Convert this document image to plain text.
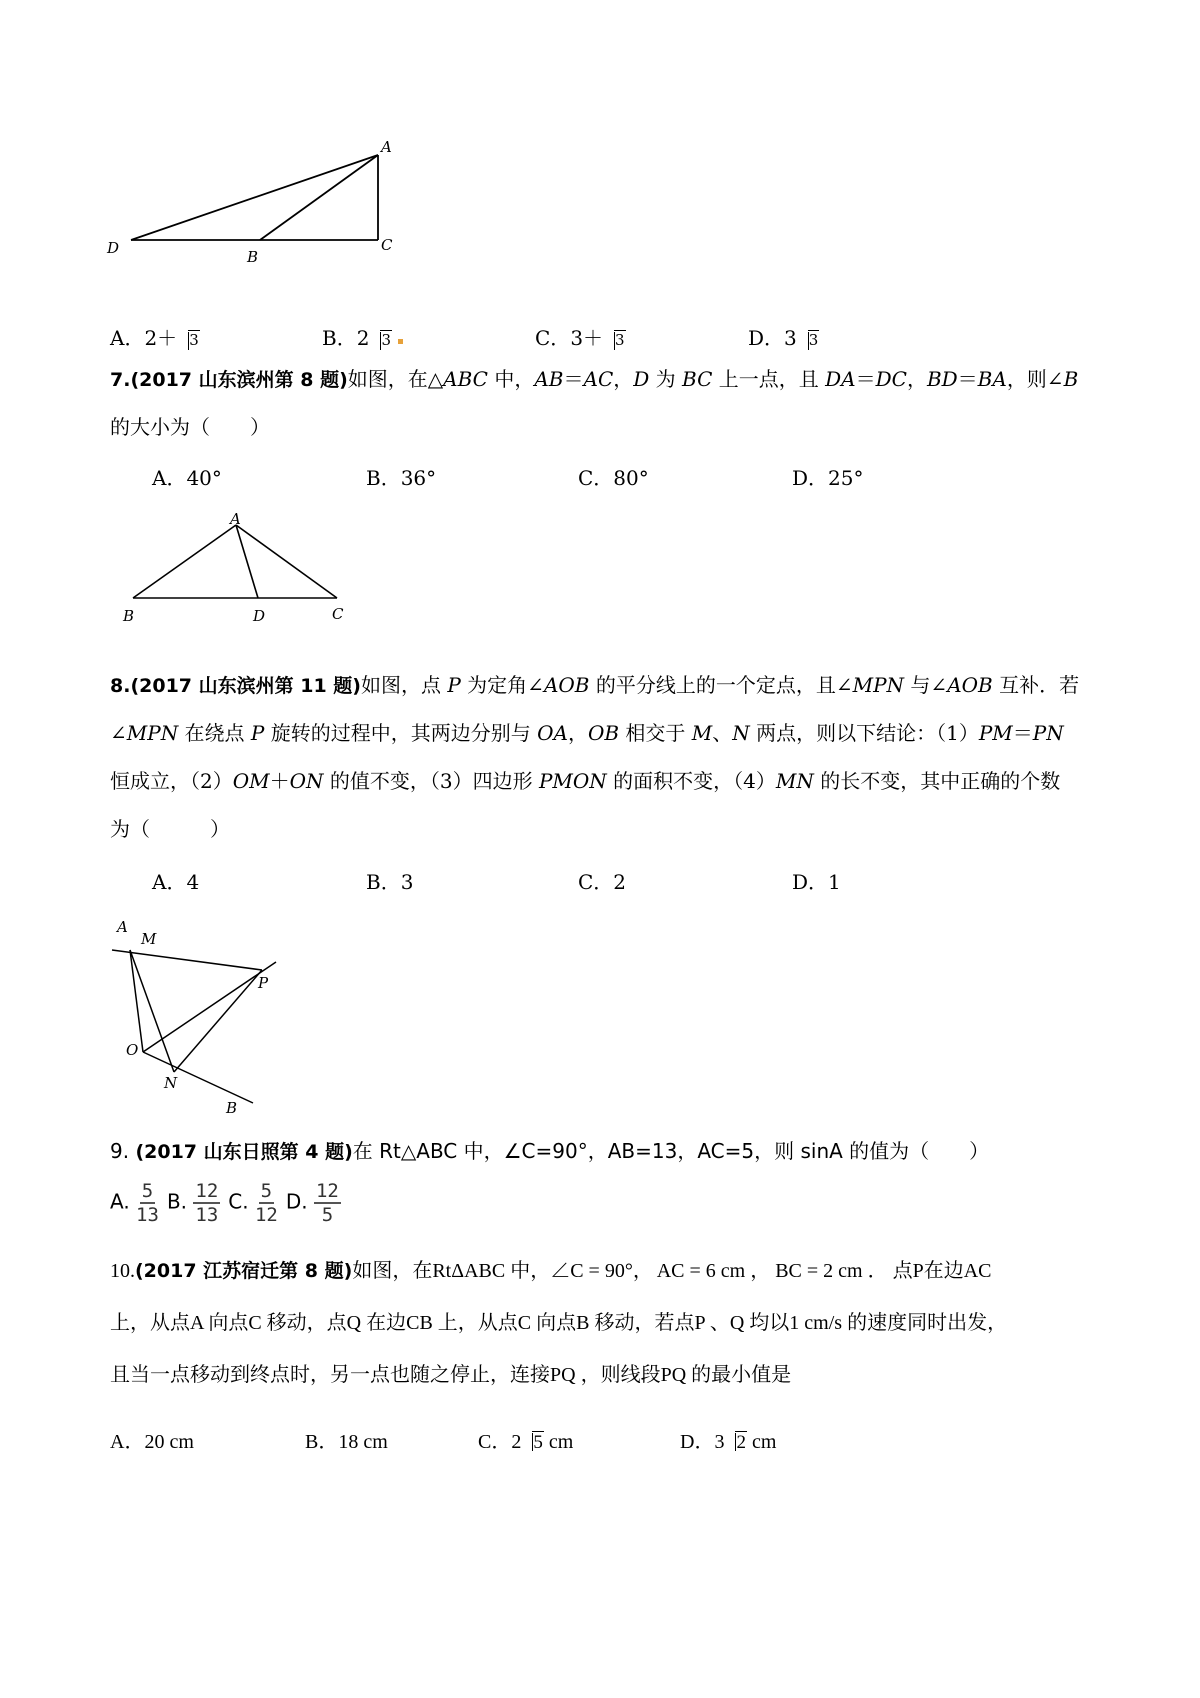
A
D	B
C
A．2＋ 3	B．2 3	C．3＋ 3	D．3 3
7.(2017 山东滨州第 8 题)如图，在△ABC 中，AB＝AC，D 为 BC 上一点，且 DA＝DC，BD＝BA，则∠B
的大小为（　　）
A．40°	B．36°	C．80°	D．25°
A
B	D	C
8.(2017 山东滨州第 11 题)如图，点 P 为定角∠AOB 的平分线上的一个定点，且∠MPN 与∠AOB 互补．若
∠MPN 在绕点 P 旋转的过程中，其两边分别与 OA，OB 相交于 M、N 两点，则以下结论：（1）PM＝PN
恒成立，（2）OM＋ON 的值不变，（3）四边形 PMON 的面积不变，（4）MN 的长不变，其中正确的个数
为（　　　）
A．4	B．3	C．2	D．1
A
M
P
O
N
B
9. (2017 山东日照第 4 题)在 Rt△ABC 中，∠C=90°，AB=13，AC=5，则 sinA 的值为（　　）
A. $\frac{5}{13} B$. $\frac{12}{13} C$. $\frac{5}{12} D$. $\frac{12}{5}$
10.(2017 江苏宿迁第 8 题)如图，在RtΔABC 中，∠C = 90°， AC = 6 cm ， BC = 2 cm ． 点P在边AC
上，从点A 向点C 移动，点Q 在边CB 上，从点C 向点B 移动，若点P 、Q 均以1 cm/s 的速度同时出发，
且当一点移动到终点时，另一点也随之停止，连接PQ ，则线段PQ 的最小值是
A．20 cm	B．18 cm	C．2 5 cm	D．3 2 cm
